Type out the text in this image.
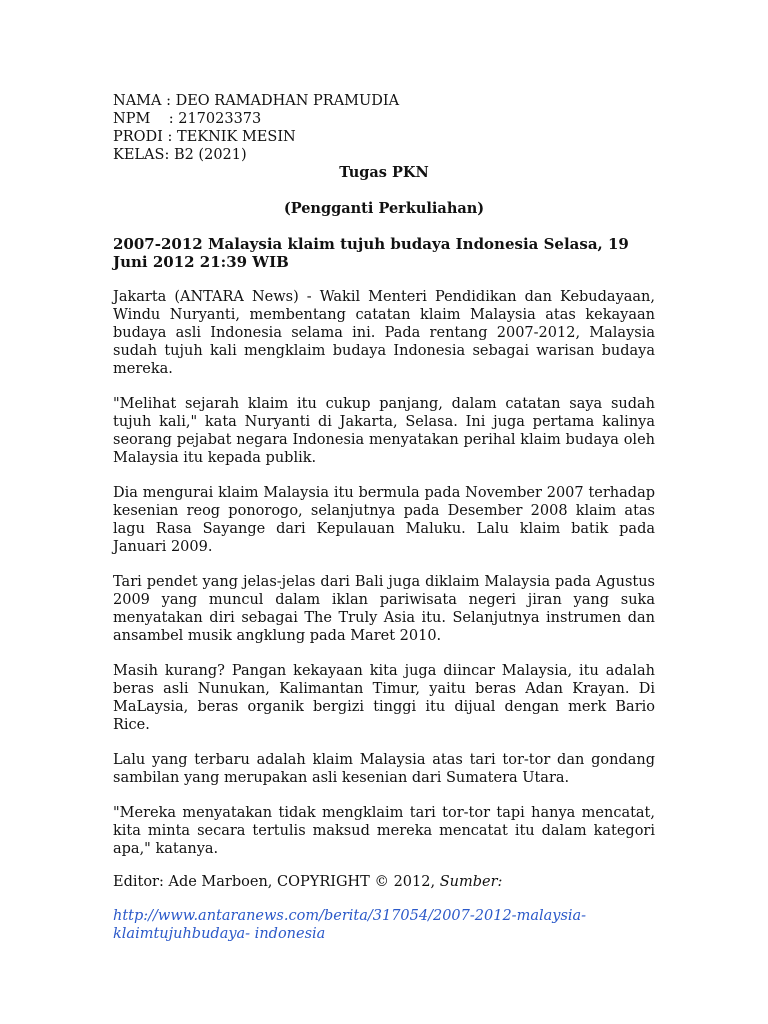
NAMA : DEO RAMADHAN PRAMUDIA
NPM    : 217023373
PRODI : TEKNIK MESIN
KELAS: B2 (2021)
Tugas PKN
(Pengganti Perkuliahan)
2007-2012 Malaysia klaim tujuh budaya Indonesia Selasa, 19 Juni 2012 21:39 WIB

Jakarta (ANTARA News) - Wakil Menteri Pendidikan dan Kebudayaan, Windu Nuryanti, membentang catatan klaim Malaysia atas kekayaan budaya asli Indonesia selama ini. Pada rentang 2007-2012, Malaysia sudah tujuh kali mengklaim budaya Indonesia sebagai warisan budaya mereka.

"Melihat sejarah klaim itu cukup panjang, dalam catatan saya sudah tujuh kali," kata Nuryanti di Jakarta, Selasa. Ini juga pertama kalinya seorang pejabat negara Indonesia menyatakan perihal klaim budaya oleh Malaysia itu kepada publik.

Dia mengurai klaim Malaysia itu bermula pada November 2007 terhadap kesenian reog ponorogo, selanjutnya pada Desember 2008 klaim atas lagu Rasa Sayange dari Kepulauan Maluku. Lalu klaim batik pada Januari 2009.

Tari pendet yang jelas-jelas dari Bali juga diklaim Malaysia pada Agustus 2009 yang muncul dalam iklan pariwisata negeri jiran yang suka menyatakan diri sebagai The Truly Asia itu. Selanjutnya instrumen dan ansambel musik angklung pada Maret 2010.

Masih kurang? Pangan kekayaan kita juga diincar Malaysia, itu adalah beras asli Nunukan, Kalimantan Timur, yaitu beras Adan Krayan. Di MaLaysia, beras organik bergizi tinggi itu dijual dengan merk Bario Rice.

Lalu yang terbaru adalah klaim Malaysia atas tari tor-tor dan gondang sambilan yang merupakan asli kesenian dari Sumatera Utara.

"Mereka menyatakan tidak mengklaim tari tor-tor tapi hanya mencatat, kita minta secara tertulis maksud mereka mencatat itu dalam kategori apa," katanya.

Editor: Ade Marboen, COPYRIGHT © 2012, Sumber:
http://www.antaranews.com/berita/317054/2007-2012-malaysia-
klaimtujuhbudaya- indonesia
